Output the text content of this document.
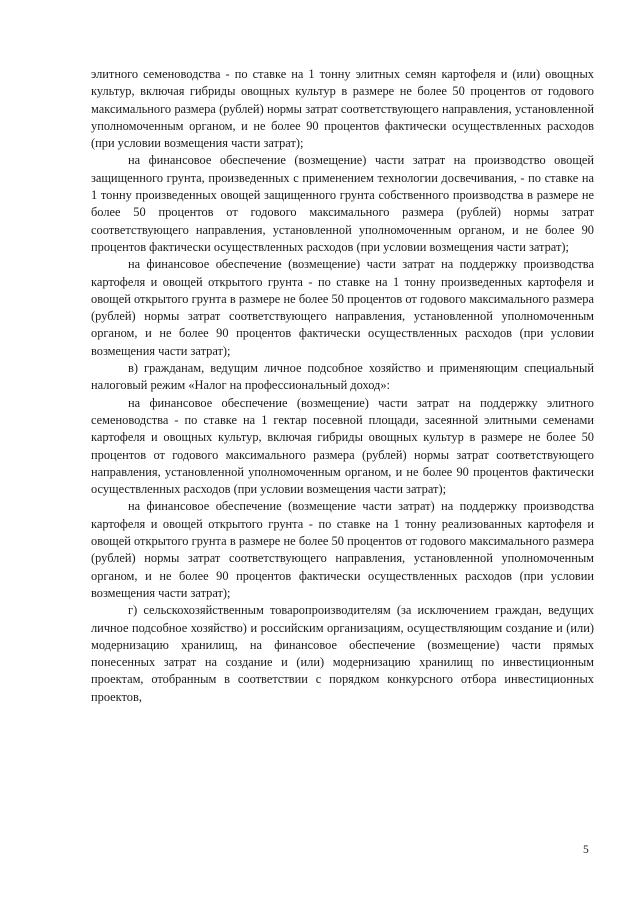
элитного семеноводства - по ставке на 1 тонну элитных семян картофеля и (или) овощных культур, включая гибриды овощных культур в размере не более 50 процентов от годового максимального размера (рублей) нормы затрат соответствующего направления, установленной уполномоченным органом, и не более 90 процентов фактически осуществленных расходов (при условии возмещения части затрат);

на финансовое обеспечение (возмещение) части затрат на производство овощей защищенного грунта, произведенных с применением технологии досвечивания, - по ставке на 1 тонну произведенных овощей защищенного грунта собственного производства в размере не более 50 процентов от годового максимального размера (рублей) нормы затрат соответствующего направления, установленной уполномоченным органом, и не более 90 процентов фактически осуществленных расходов (при условии возмещения части затрат);

на финансовое обеспечение (возмещение) части затрат на поддержку производства картофеля и овощей открытого грунта - по ставке на 1 тонну произведенных картофеля и овощей открытого грунта в размере не более 50 процентов от годового максимального размера (рублей) нормы затрат соответствующего направления, установленной уполномоченным органом, и не более 90 процентов фактически осуществленных расходов (при условии возмещения части затрат);

в) гражданам, ведущим личное подсобное хозяйство и применяющим специальный налоговый режим «Налог на профессиональный доход»:

на финансовое обеспечение (возмещение) части затрат на поддержку элитного семеноводства - по ставке на 1 гектар посевной площади, засеянной элитными семенами картофеля и овощных культур, включая гибриды овощных культур в размере не более 50 процентов от годового максимального размера (рублей) нормы затрат соответствующего направления, установленной уполномоченным органом, и не более 90 процентов фактически осуществленных расходов (при условии возмещения части затрат);

на финансовое обеспечение (возмещение части затрат) на поддержку производства картофеля и овощей открытого грунта - по ставке на 1 тонну реализованных картофеля и овощей открытого грунта в размере не более 50 процентов от годового максимального размера (рублей) нормы затрат соответствующего направления, установленной уполномоченным органом, и не более 90 процентов фактически осуществленных расходов (при условии возмещения части затрат);

г) сельскохозяйственным товаропроизводителям (за исключением граждан, ведущих личное подсобное хозяйство) и российским организациям, осуществляющим создание и (или) модернизацию хранилищ, на финансовое обеспечение (возмещение) части прямых понесенных затрат на создание и (или) модернизацию хранилищ по инвестиционным проектам, отобранным в соответствии с порядком конкурсного отбора инвестиционных проектов,

5
